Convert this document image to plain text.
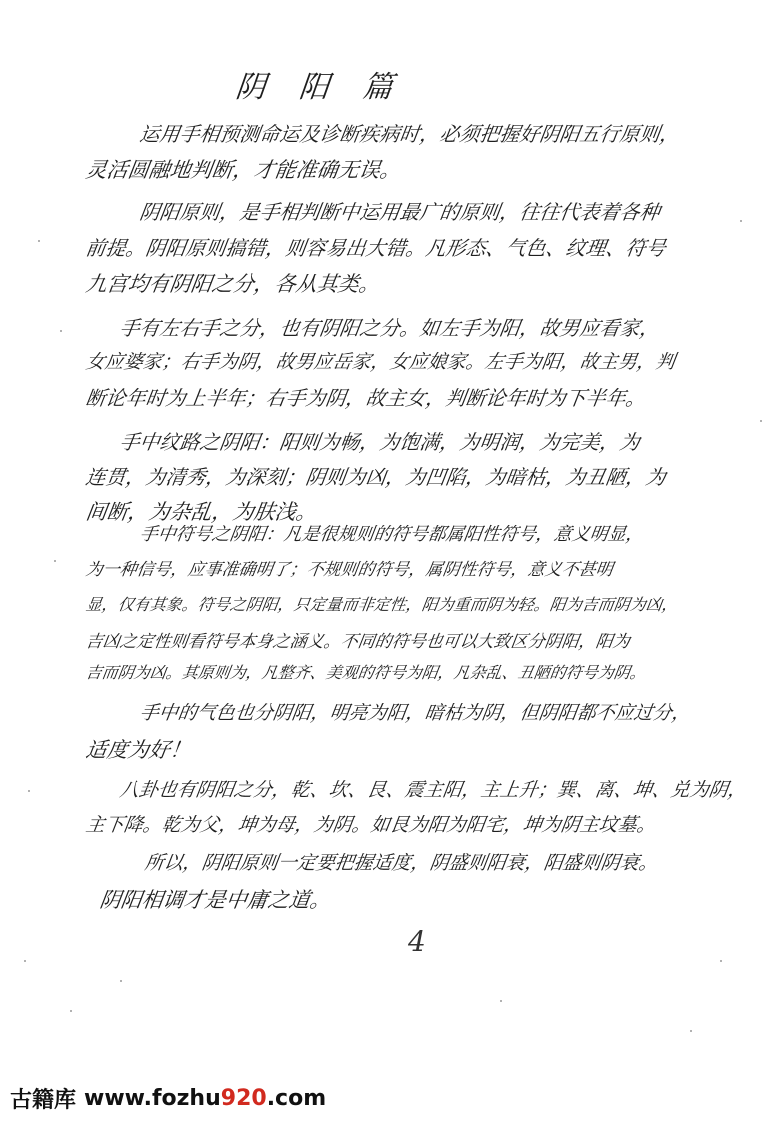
阴 阳 篇
运用手相预测命运及诊断疾病时，必须把握好阴阳五行原则，
灵活圆融地判断，才能准确无误。
阴阳原则，是手相判断中运用最广的原则，往往代表着各种
前提。阴阳原则搞错，则容易出大错。凡形态、气色、纹理、符号
九宫均有阴阳之分，各从其类。
手有左右手之分，也有阴阳之分。如左手为阳，故男应看家，
女应婆家；右手为阴，故男应岳家，女应娘家。左手为阳，故主男，判
断论年时为上半年；右手为阴，故主女，判断论年时为下半年。
手中纹路之阴阳：阳则为畅，为饱满，为明润，为完美，为
连贯，为清秀，为深刻；阴则为凶，为凹陷，为暗枯，为丑陋，为
间断，为杂乱，为肤浅。
手中符号之阴阳：凡是很规则的符号都属阳性符号，意义明显，
为一种信号，应事准确明了；不规则的符号，属阴性符号，意义不甚明
显，仅有其象。符号之阴阳，只定量而非定性，阳为重而阴为轻。阳为吉而阴为凶，
吉凶之定性则看符号本身之涵义。不同的符号也可以大致区分阴阳，阳为
吉而阴为凶。其原则为，凡整齐、美观的符号为阳，凡杂乱、丑陋的符号为阴。
手中的气色也分阴阳，明亮为阳，暗枯为阴，但阴阳都不应过分，
适度为好！
八卦也有阴阳之分，乾、坎、艮、震主阳，主上升；巽、离、坤、兑为阴，
主下降。乾为父，坤为母，为阴。如艮为阳为阳宅，坤为阴主坟墓。
所以，阴阳原则一定要把握适度，阴盛则阳衰，阳盛则阴衰。
阴阳相调才是中庸之道。
4
古籍库 www.fozhu 920 .com
